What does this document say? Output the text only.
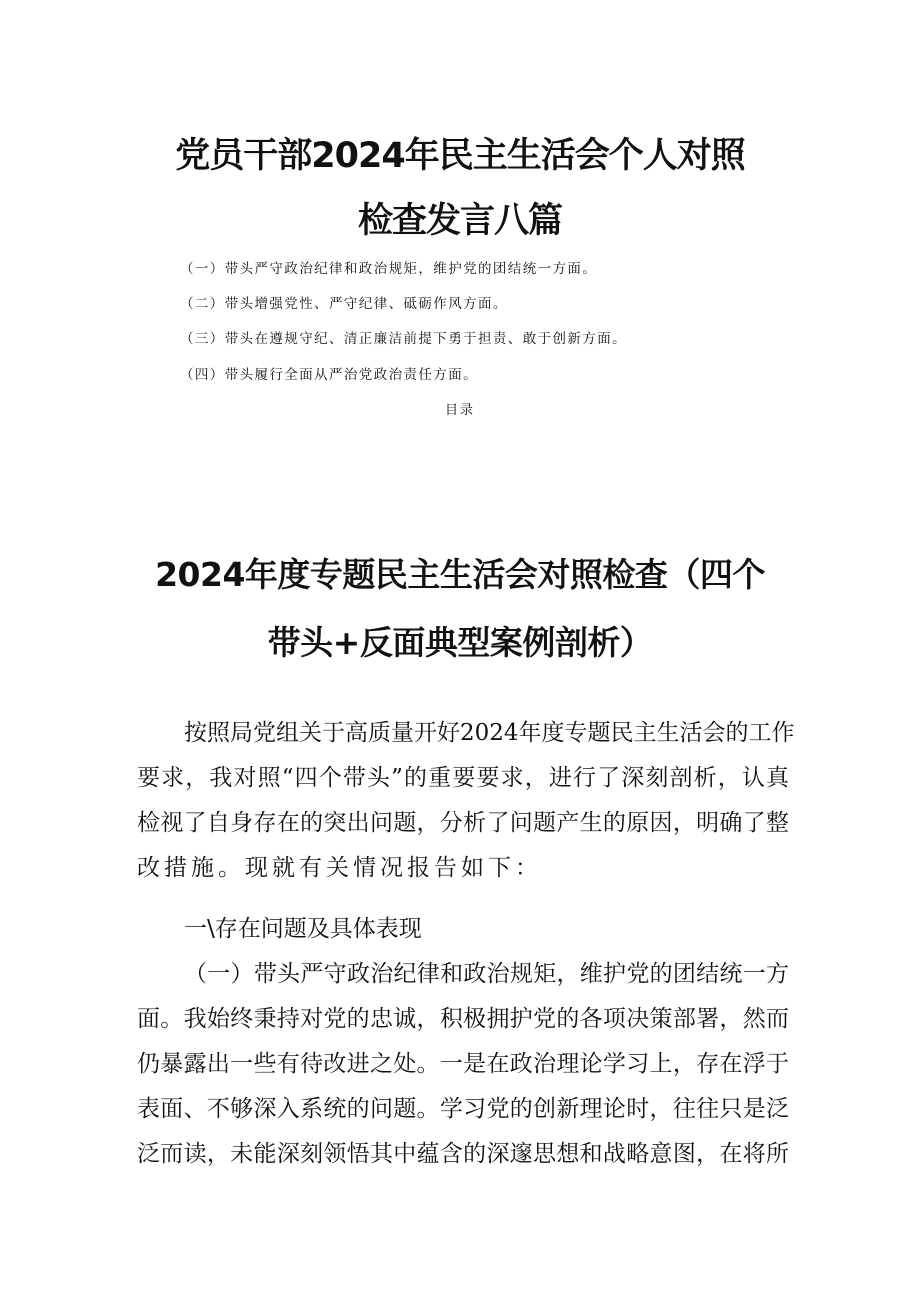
党员干部2024年民主生活会个人对照
检查发言八篇
（一）带头严守政治纪律和政治规矩，维护党的团结统一方面。
（二）带头增强党性、严守纪律、砥砺作风方面。
（三）带头在遵规守纪、清正廉洁前提下勇于担责、敢于创新方面。
（四）带头履行全面从严治党政治责任方面。
目录
2024年度专题民主生活会对照检查（四个
带头+反面典型案例剖析）
按照局党组关于高质量开好2024年度专题民主生活会的工作
要求，我对照“四个带头”的重要要求，进行了深刻剖析，认真
检视了自身存在的突出问题，分析了问题产生的原因，明确了整
改措施。现就有关情况报告如下：
一\存在问题及具体表现
（一）带头严守政治纪律和政治规矩，维护党的团结统一方
面。我始终秉持对党的忠诚，积极拥护党的各项决策部署，然而
仍暴露出一些有待改进之处。一是在政治理论学习上，存在浮于
表面、不够深入系统的问题。学习党的创新理论时，往往只是泛
泛而读，未能深刻领悟其中蕴含的深邃思想和战略意图，在将所
